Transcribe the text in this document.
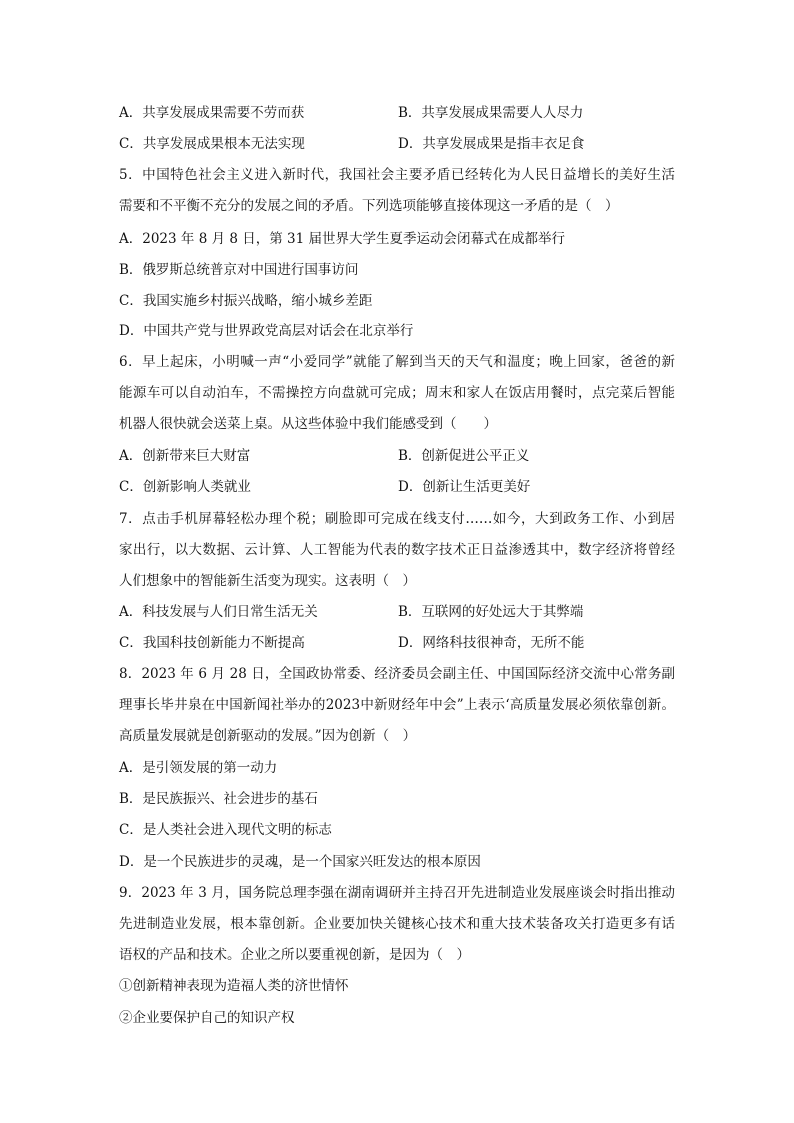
A．共享发展成果需要不劳而获	B．共享发展成果需要人人尽力
C．共享发展成果根本无法实现	D．共享发展成果是指丰衣足食
5．中国特色社会主义进入新时代，我国社会主要矛盾已经转化为人民日益增长的美好生活
需要和不平衡不充分的发展之间的矛盾。下列选项能够直接体现这一矛盾的是（　）
A．2023 年 8 月 8 日，第 31 届世界大学生夏季运动会闭幕式在成都举行
B．俄罗斯总统普京对中国进行国事访问
C．我国实施乡村振兴战略，缩小城乡差距
D．中国共产党与世界政党高层对话会在北京举行
6．早上起床，小明喊一声“小爱同学”就能了解到当天的天气和温度；晚上回家，爸爸的新
能源车可以自动泊车，不需操控方向盘就可完成；周末和家人在饭店用餐时，点完菜后智能
机器人很快就会送菜上桌。从这些体验中我们能感受到（　　）
A．创新带来巨大财富	B．创新促进公平正义
C．创新影响人类就业	D．创新让生活更美好
7．点击手机屏幕轻松办理个税；刷脸即可完成在线支付……如今，大到政务工作、小到居
家出行，以大数据、云计算、人工智能为代表的数字技术正日益渗透其中，数字经济将曾经
人们想象中的智能新生活变为现实。这表明（　）
A．科技发展与人们日常生活无关	B．互联网的好处远大于其弊端
C．我国科技创新能力不断提高	D．网络科技很神奇，无所不能
8．2023 年 6 月 28 日，全国政协常委、经济委员会副主任、中国国际经济交流中心常务副
理事长毕井泉在中国新闻社举办的2023中新财经年中会”上表示‘高质量发展必须依靠创新。
高质量发展就是创新驱动的发展。”因为创新（　）
A．是引领发展的第一动力
B．是民族振兴、社会进步的基石
C．是人类社会进入现代文明的标志
D．是一个民族进步的灵魂，是一个国家兴旺发达的根本原因
9．2023 年 3 月，国务院总理李强在湖南调研并主持召开先进制造业发展座谈会时指出推动
先进制造业发展，根本靠创新。企业要加快关键核心技术和重大技术装备攻关打造更多有话
语权的产品和技术。企业之所以要重视创新，是因为（　）
①创新精神表现为造福人类的济世情怀
②企业要保护自己的知识产权
